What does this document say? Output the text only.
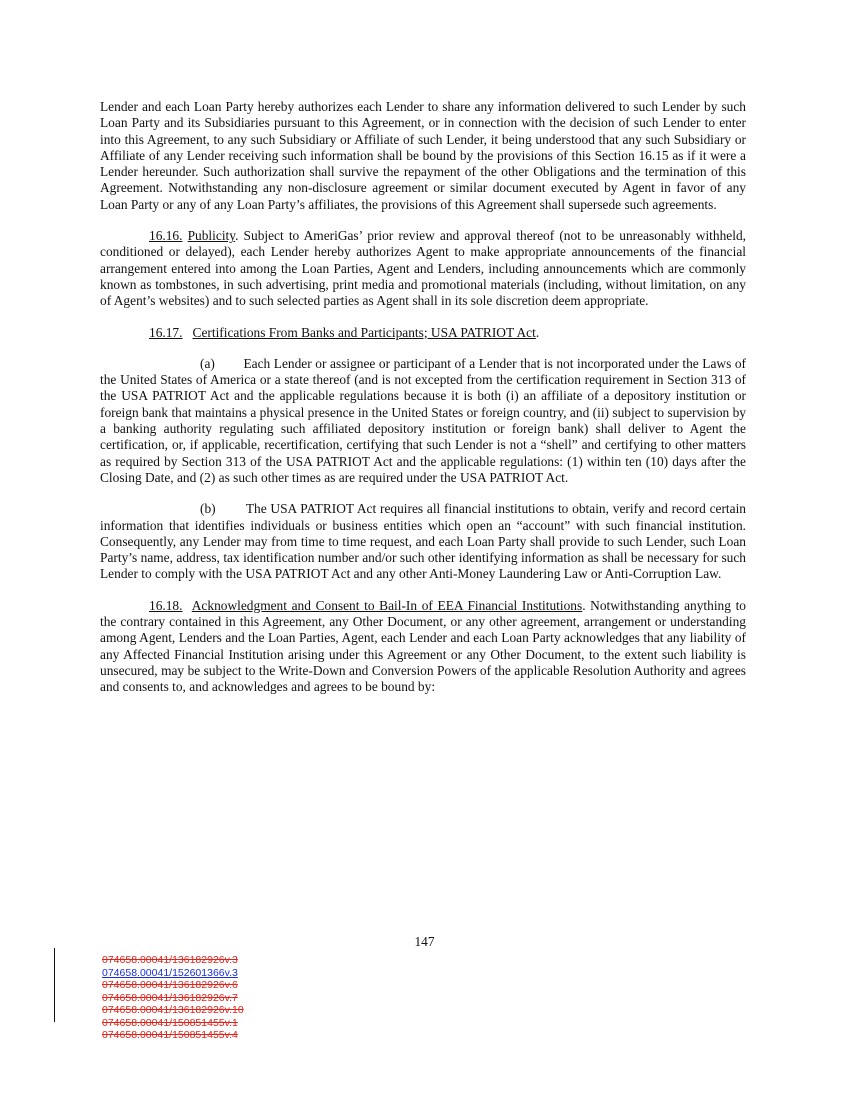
Lender and each Loan Party hereby authorizes each Lender to share any information delivered to such Lender by such Loan Party and its Subsidiaries pursuant to this Agreement, or in connection with the decision of such Lender to enter into this Agreement, to any such Subsidiary or Affiliate of such Lender, it being understood that any such Subsidiary or Affiliate of any Lender receiving such information shall be bound by the provisions of this Section 16.15 as if it were a Lender hereunder. Such authorization shall survive the repayment of the other Obligations and the termination of this Agreement. Notwithstanding any non-disclosure agreement or similar document executed by Agent in favor of any Loan Party or any of any Loan Party’s affiliates, the provisions of this Agreement shall supersede such agreements.

16.16. Publicity. Subject to AmeriGas’ prior review and approval thereof (not to be unreasonably withheld, conditioned or delayed), each Lender hereby authorizes Agent to make appropriate announcements of the financial arrangement entered into among the Loan Parties, Agent and Lenders, including announcements which are commonly known as tombstones, in such advertising, print media and promotional materials (including, without limitation, on any of Agent’s websites) and to such selected parties as Agent shall in its sole discretion deem appropriate.

16.17. Certifications From Banks and Participants; USA PATRIOT Act.

(a) Each Lender or assignee or participant of a Lender that is not incorporated under the Laws of the United States of America or a state thereof (and is not excepted from the certification requirement in Section 313 of the USA PATRIOT Act and the applicable regulations because it is both (i) an affiliate of a depository institution or foreign bank that maintains a physical presence in the United States or foreign country, and (ii) subject to supervision by a banking authority regulating such affiliated depository institution or foreign bank) shall deliver to Agent the certification, or, if applicable, recertification, certifying that such Lender is not a “shell” and certifying to other matters as required by Section 313 of the USA PATRIOT Act and the applicable regulations: (1) within ten (10) days after the Closing Date, and (2) as such other times as are required under the USA PATRIOT Act.

(b) The USA PATRIOT Act requires all financial institutions to obtain, verify and record certain information that identifies individuals or business entities which open an “account” with such financial institution. Consequently, any Lender may from time to time request, and each Loan Party shall provide to such Lender, such Loan Party’s name, address, tax identification number and/or such other identifying information as shall be necessary for such Lender to comply with the USA PATRIOT Act and any other Anti-Money Laundering Law or Anti-Corruption Law.

16.18. Acknowledgment and Consent to Bail-In of EEA Financial Institutions. Notwithstanding anything to the contrary contained in this Agreement, any Other Document, or any other agreement, arrangement or understanding among Agent, Lenders and the Loan Parties, Agent, each Lender and each Loan Party acknowledges that any liability of any Affected Financial Institution arising under this Agreement or any Other Document, to the extent such liability is unsecured, may be subject to the Write-Down and Conversion Powers of the applicable Resolution Authority and agrees and consents to, and acknowledges and agrees to be bound by:

147
074658.00041/136182926v.3
074658.00041/152601366v.3
074658.00041/136182926v.6
074658.00041/136182926v.7
074658.00041/136182926v.10
074658.00041/150851455v.1
074658.00041/150851455v.4
